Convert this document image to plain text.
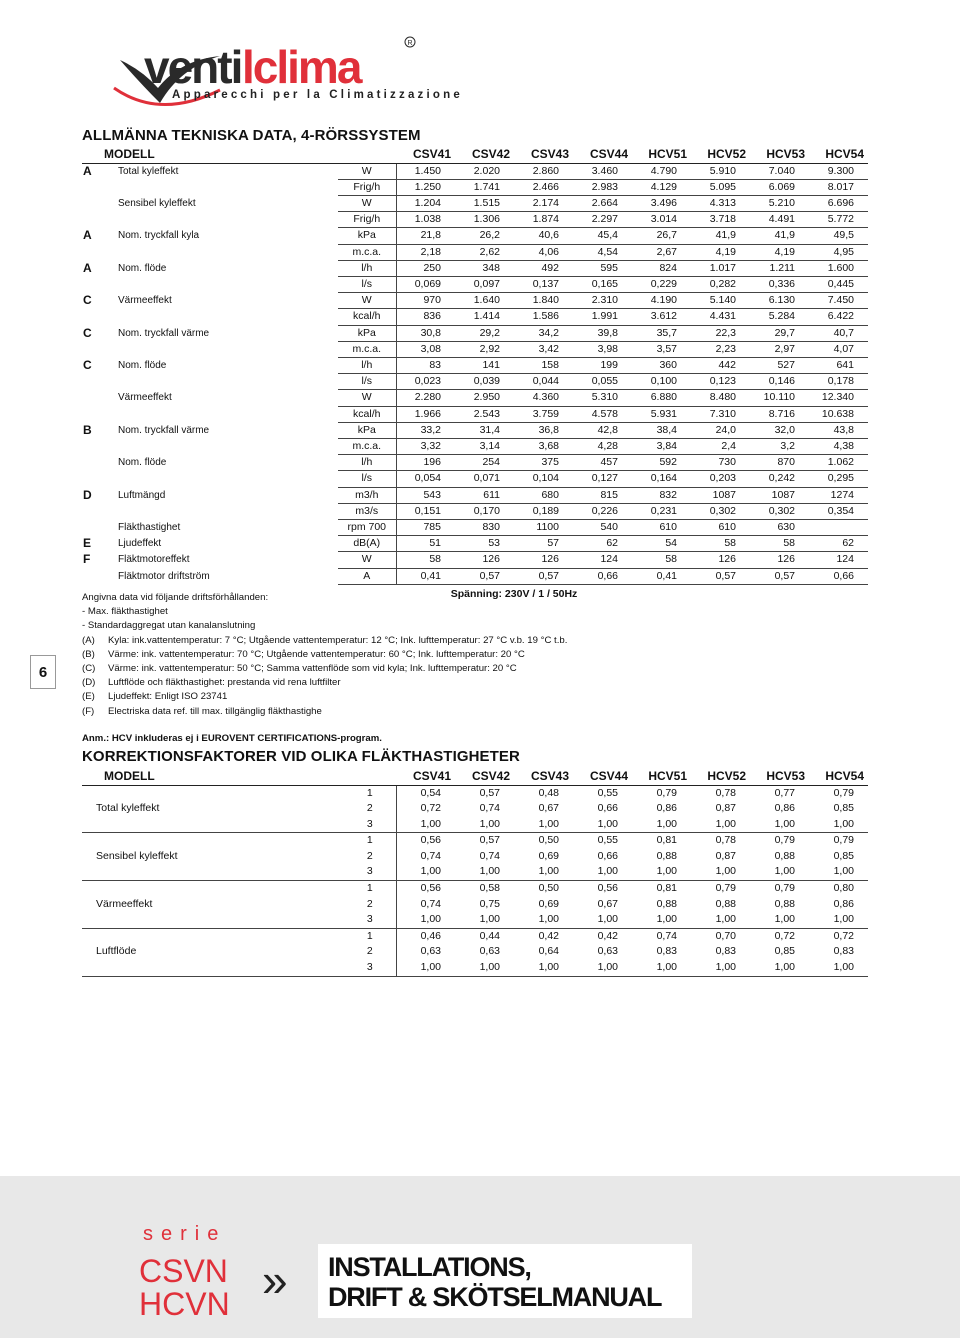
venti lclima	R
Apparecchi per la Climatizzazione
ALLMÄNNA TEKNISKA DATA, 4-RÖRSSYSTEM
MODELL			CSV41	CSV42	CSV43	CSV44	HCV51	HCV52	HCV53	HCV54
A	Total kyleffekt	W	1.450	2.020	2.860	3.460	4.790	5.910	7.040	9.300
		Frig/h	1.250	1.741	2.466	2.983	4.129	5.095	6.069	8.017
	Sensibel kyleffekt	W	1.204	1.515	2.174	2.664	3.496	4.313	5.210	6.696
		Frig/h	1.038	1.306	1.874	2.297	3.014	3.718	4.491	5.772
A	Nom. tryckfall kyla	kPa	21,8	26,2	40,6	45,4	26,7	41,9	41,9	49,5
		m.c.a.	2,18	2,62	4,06	4,54	2,67	4,19	4,19	4,95
A	Nom. flöde	l/h	250	348	492	595	824	1.017	1.211	1.600
		l/s	0,069	0,097	0,137	0,165	0,229	0,282	0,336	0,445
C	Värmeeffekt	W	970	1.640	1.840	2.310	4.190	5.140	6.130	7.450
		kcal/h	836	1.414	1.586	1.991	3.612	4.431	5.284	6.422
C	Nom. tryckfall värme	kPa	30,8	29,2	34,2	39,8	35,7	22,3	29,7	40,7
		m.c.a.	3,08	2,92	3,42	3,98	3,57	2,23	2,97	4,07
C	Nom. flöde	l/h	83	141	158	199	360	442	527	641
		l/s	0,023	0,039	0,044	0,055	0,100	0,123	0,146	0,178
	Värmeeffekt	W	2.280	2.950	4.360	5.310	6.880	8.480	10.110	12.340
		kcal/h	1.966	2.543	3.759	4.578	5.931	7.310	8.716	10.638
B	Nom. tryckfall värme	kPa	33,2	31,4	36,8	42,8	38,4	24,0	32,0	43,8
		m.c.a.	3,32	3,14	3,68	4,28	3,84	2,4	3,2	4,38
	Nom. flöde	l/h	196	254	375	457	592	730	870	1.062
		l/s	0,054	0,071	0,104	0,127	0,164	0,203	0,242	0,295
D	Luftmängd	m3/h	543	611	680	815	832	1087	1087	1274
		m3/s	0,151	0,170	0,189	0,226	0,231	0,302	0,302	0,354
	Fläkthastighet	rpm 700	785	830	1100	540	610	610	630	
E	Ljudeffekt	dB(A)	51	53	57	62	54	58	58	62
F	Fläktmotoreffekt	W	58	126	126	124	58	126	126	124
	Fläktmotor driftström	A	0,41	0,57	0,57	0,66	0,41	0,57	0,57	0,66
			Spänning: 230V / 1 / 50Hz							
6
Angivna data vid följande driftsförhållanden:
- Max. fläkthastighet
- Standardaggregat utan kanalanslutning
(A)	Kyla: ink.vattentemperatur: 7 °C; Utgående vattentemperatur: 12 °C; Ink. lufttemperatur: 27 °C v.b. 19 °C t.b.
(B)	Värme: ink. vattentemperatur: 70 °C; Utgående vattentemperatur: 60 °C; Ink. lufttemperatur: 20 °C
(C)	Värme: ink. vattentemperatur: 50 °C; Samma vattenflöde som vid kyla; Ink. lufttemperatur: 20 °C
(D)	Luftflöde och fläkthastighet: prestanda vid rena luftfilter
(E)	Ljudeffekt: Enligt ISO 23741
(F)	Electriska data ref. till max. tillgänglig fläkthastighe
Anm.: HCV inkluderas ej i EUROVENT CERTIFICATIONS-program.
KORREKTIONSFAKTORER VID OLIKA FLÄKTHASTIGHETER
MODELL		CSV41	CSV42	CSV43	CSV44	HCV51	HCV52	HCV53	HCV54
Total kyleffekt	1	0,54	0,57	0,48	0,55	0,79	0,78	0,77	0,79
	2	0,72	0,74	0,67	0,66	0,86	0,87	0,86	0,85
	3	1,00	1,00	1,00	1,00	1,00	1,00	1,00	1,00
Sensibel kyleffekt	1	0,56	0,57	0,50	0,55	0,81	0,78	0,79	0,79
	2	0,74	0,74	0,69	0,66	0,88	0,87	0,88	0,85
	3	1,00	1,00	1,00	1,00	1,00	1,00	1,00	1,00
Värmeeffekt	1	0,56	0,58	0,50	0,56	0,81	0,79	0,79	0,80
	2	0,74	0,75	0,69	0,67	0,88	0,88	0,88	0,86
	3	1,00	1,00	1,00	1,00	1,00	1,00	1,00	1,00
Luftflöde	1	0,46	0,44	0,42	0,42	0,74	0,70	0,72	0,72
	2	0,63	0,63	0,64	0,63	0,83	0,83	0,85	0,83
	3	1,00	1,00	1,00	1,00	1,00	1,00	1,00	1,00
serie
CSVN
HCVN » INSTALLATIONS,
DRIFT & SKÖTSELMANUAL
